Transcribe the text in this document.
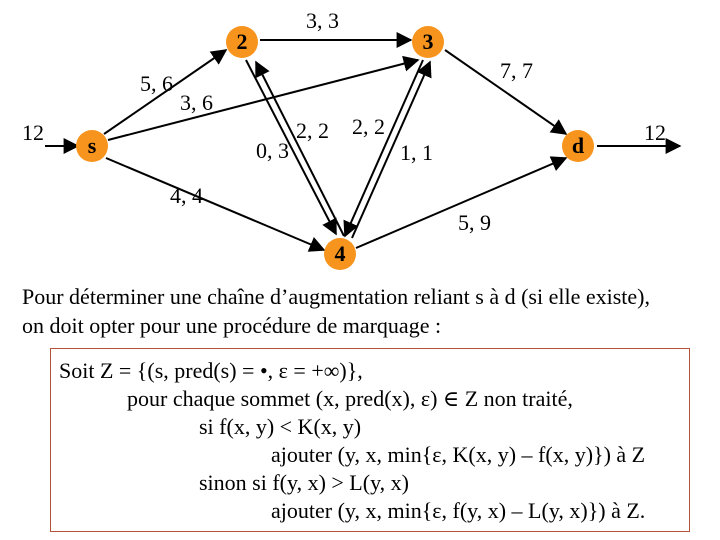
s
2	3
4
d
12
5, 6
3, 6
4, 4
3, 3
7, 7
0, 3
2, 2 2, 2
1, 1
5, 9
12
Pour déterminer une chaîne d’augmentation reliant s à d (si elle existe),
on doit opter pour une procédure de marquage :
Soit Z = {(s, pred(s) = •, ε = +∞)},
pour chaque sommet (x, pred(x), ε) ∈ Z non traité,
si f(x, y) < K(x, y)
ajouter (y, x, min{ε, K(x, y) – f(x, y)}) à Z
sinon si f(y, x) > L(y, x)
ajouter (y, x, min{ε, f(y, x) – L(y, x)}) à Z.
